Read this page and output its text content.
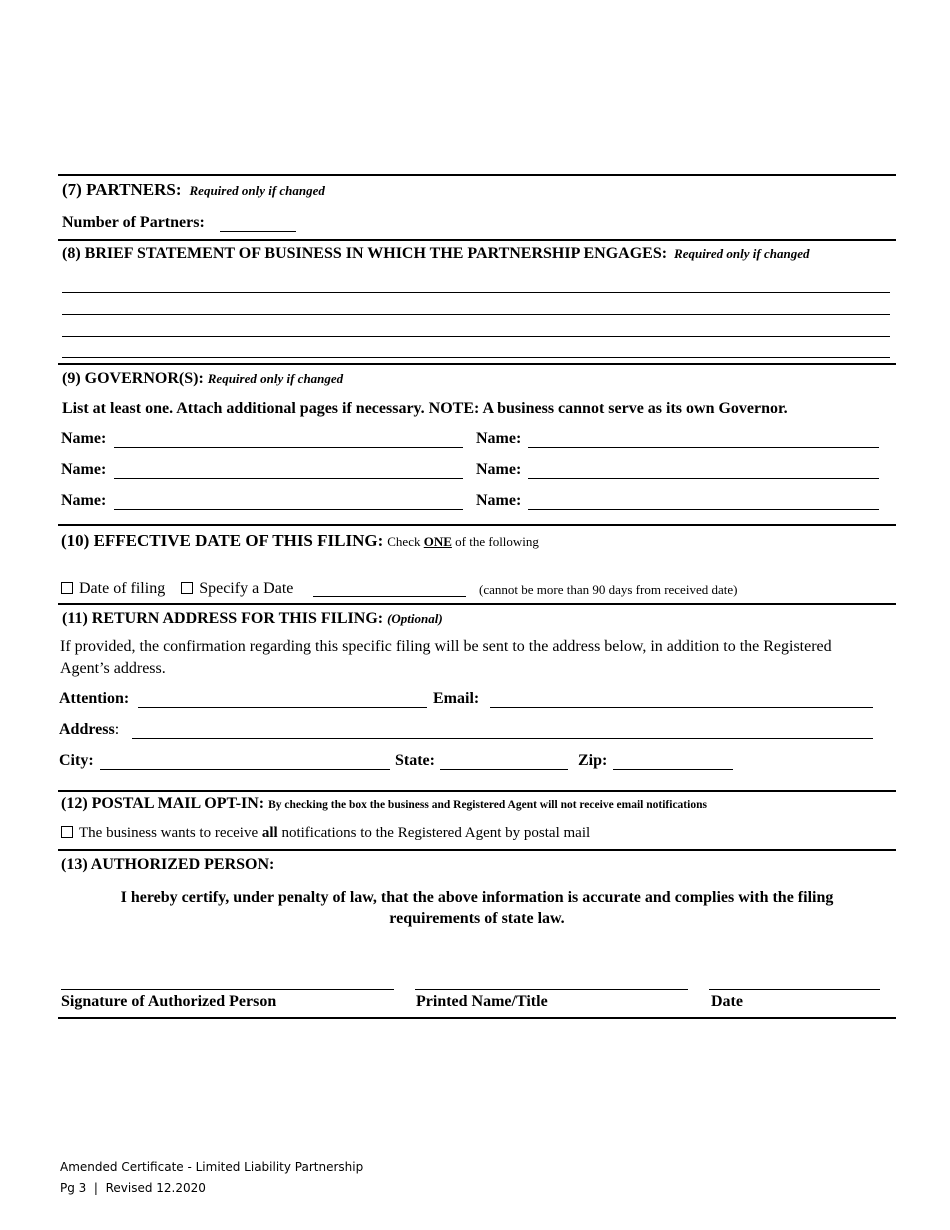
(7) PARTNERS: Required only if changed
Number of Partners:
(8) BRIEF STATEMENT OF BUSINESS IN WHICH THE PARTNERSHIP ENGAGES: Required only if changed
(9) GOVERNOR(S): Required only if changed
List at least one. Attach additional pages if necessary. NOTE: A business cannot serve as its own Governor.
Name:	Name:
Name:	Name:
Name:	Name:
(10) EFFECTIVE DATE OF THIS FILING: Check ONE of the following
Date of filing Specify a Date	(cannot be more than 90 days from received date)
(11) RETURN ADDRESS FOR THIS FILING: (Optional)
If provided, the confirmation regarding this specific filing will be sent to the address below, in addition to the Registered
Agent’s address.
Attention:	Email:
Address:
City:	State:	Zip:
(12) POSTAL MAIL OPT-IN: By checking the box the business and Registered Agent will not receive email notifications
The business wants to receive all notifications to the Registered Agent by postal mail
(13) AUTHORIZED PERSON:
I hereby certify, under penalty of law, that the above information is accurate and complies with the filing
requirements of state law.
Signature of Authorized Person	Printed Name/Title	Date
Amended Certificate - Limited Liability Partnership
Pg 3  |  Revised 12.2020
